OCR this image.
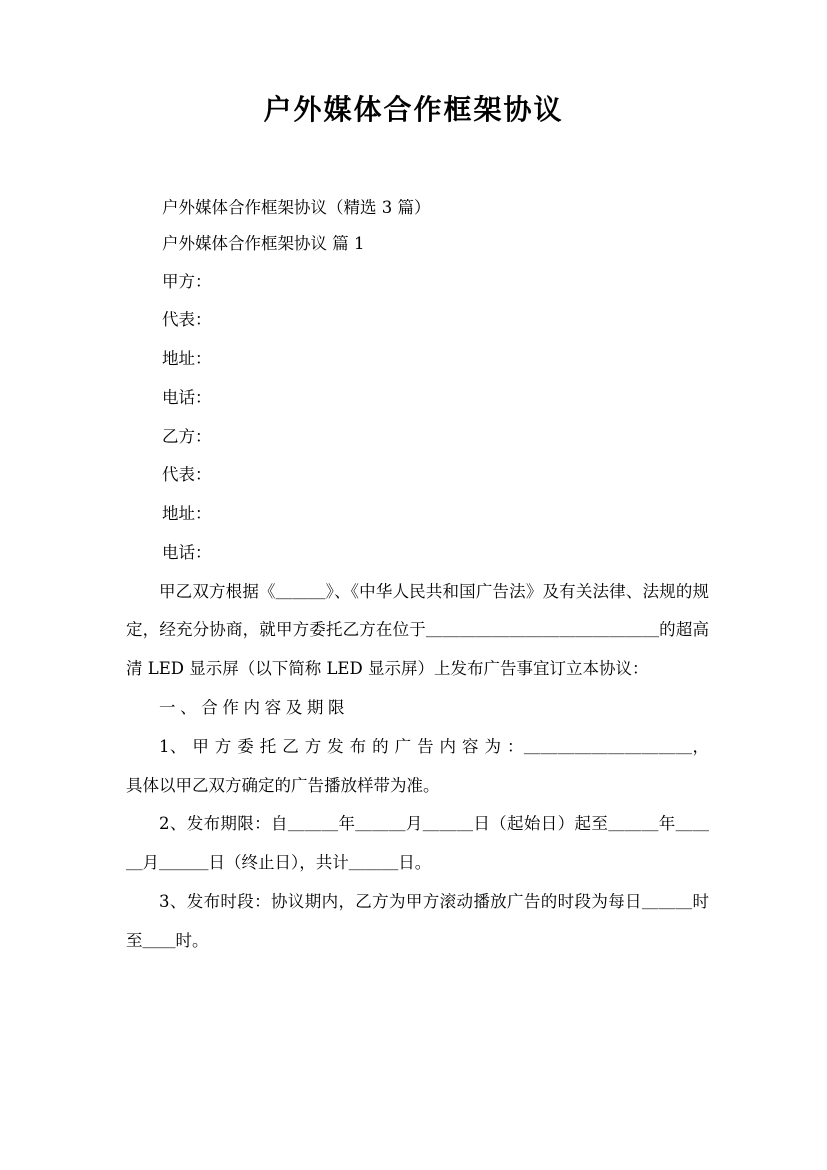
户外媒体合作框架协议

户外媒体合作框架协议（精选 3 篇）

户外媒体合作框架协议 篇 1

甲方：

代表：

地址：

电话：

乙方：

代表：

地址：

电话：

甲乙双方根据《＿＿＿》、《中华人民共和国广告法》及有关法律、法规的规定，经充分协商，就甲方委托乙方在位于＿＿＿＿＿＿＿＿＿＿＿＿＿＿的超高清 LED 显示屏（以下简称 LED 显示屏）上发布广告事宜订立本协议：

一、合作内容及期限

1、 甲 方 委 托 乙 方 发 布 的 广 告 内 容 为 ：＿＿＿＿＿＿＿＿＿＿，具体以甲乙双方确定的广告播放样带为准。

2、发布期限：自＿＿＿年＿＿＿月＿＿＿日（起始日）起至＿＿＿年＿＿＿月＿＿＿日（终止日），共计＿＿＿日。

3、发布时段：协议期内，乙方为甲方滚动播放广告的时段为每日＿＿＿时至＿＿时。
